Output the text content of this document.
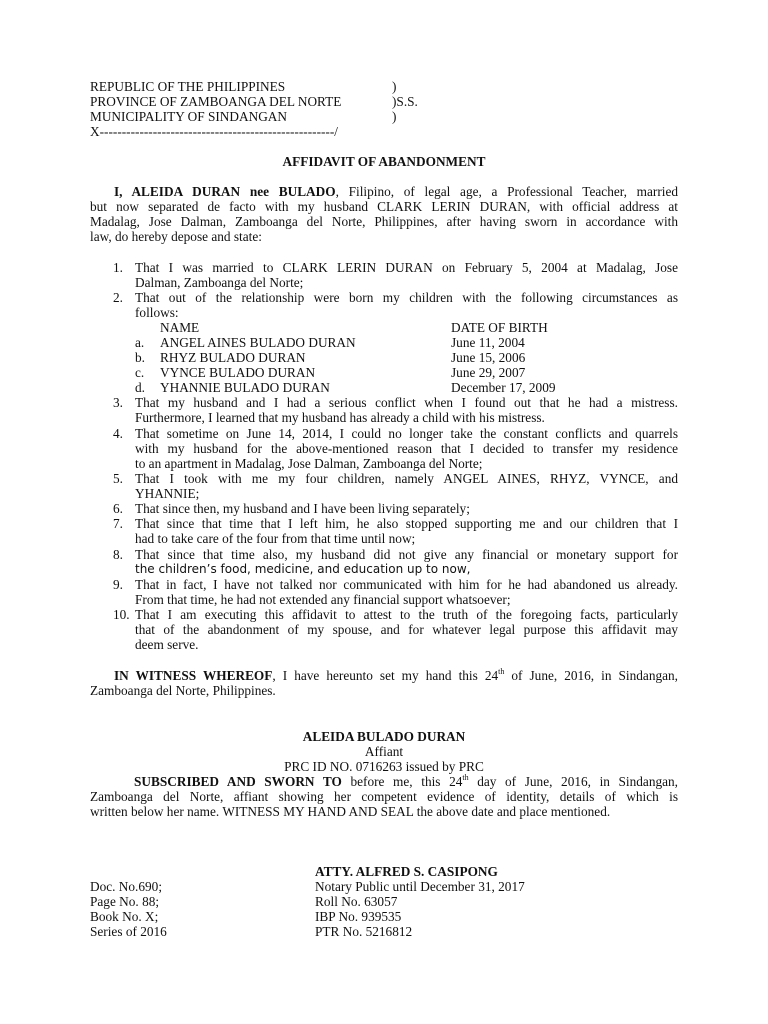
REPUBLIC OF THE PHILIPPINES	)
PROVINCE OF ZAMBOANGA DEL NORTE	)S.S.
MUNICIPALITY OF SINDANGAN	)
X-----------------------------------------------------/
AFFIDAVIT OF ABANDONMENT
I, ALEIDA DURAN nee BULADO, Filipino, of legal age, a Professional Teacher, married
but now separated de facto with my husband CLARK LERIN DURAN, with official address at
Madalag, Jose Dalman, Zamboanga del Norte, Philippines, after having sworn in accordance with
law, do hereby depose and state:
1. That I was married to CLARK LERIN DURAN on February 5, 2004 at Madalag, Jose
Dalman, Zamboanga del Norte;
2. That out of the relationship were born my children with the following circumstances as
follows:
NAME	DATE OF BIRTH
a. ANGEL AINES BULADO DURAN	June 11, 2004
b. RHYZ BULADO DURAN	June 15, 2006
c. VYNCE BULADO DURAN	June 29, 2007
d. YHANNIE BULADO DURAN	December 17, 2009
3. That my husband and I had a serious conflict when I found out that he had a mistress.
Furthermore, I learned that my husband has already a child with his mistress.
4. That sometime on June 14, 2014, I could no longer take the constant conflicts and quarrels
with my husband for the above-mentioned reason that I decided to transfer my residence
to an apartment in Madalag, Jose Dalman, Zamboanga del Norte;
5. That I took with me my four children, namely ANGEL AINES, RHYZ, VYNCE, and
YHANNIE;
6. That since then, my husband and I have been living separately;
7. That since that time that I left him, he also stopped supporting me and our children that I
had to take care of the four from that time until now;
8. That since that time also, my husband did not give any financial or monetary support for
the children’s food, medicine, and education up to now,
9. That in fact, I have not talked nor communicated with him for he had abandoned us already.
From that time, he had not extended any financial support whatsoever;
10. That I am executing this affidavit to attest to the truth of the foregoing facts, particularly
that of the abandonment of my spouse, and for whatever legal purpose this affidavit may
deem serve.
IN WITNESS WHEREOF, I have hereunto set my hand this 24th of June, 2016, in Sindangan,
Zamboanga del Norte, Philippines.
ALEIDA BULADO DURAN
Affiant
PRC ID NO. 0716263 issued by PRC
SUBSCRIBED AND SWORN TO before me, this 24th day of June, 2016, in Sindangan,
Zamboanga del Norte, affiant showing her competent evidence of identity, details of which is
written below her name. WITNESS MY HAND AND SEAL the above date and place mentioned.
ATTY. ALFRED S. CASIPONG
Doc. No.690;	Notary Public until December 31, 2017
Page No. 88;	Roll No. 63057
Book No. X;	IBP No. 939535
Series of 2016	PTR No. 5216812
